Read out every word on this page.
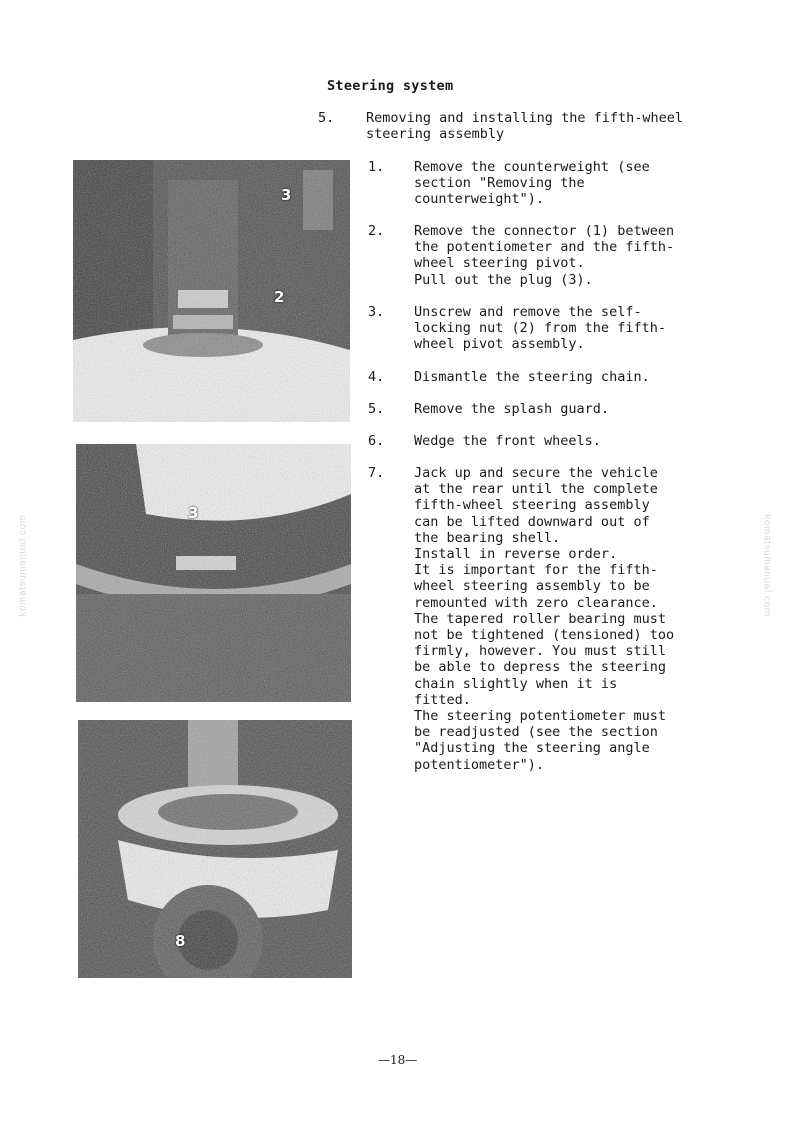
Steering system
5. Removing and installing the fifth-wheel steering assembly
1. Remove the counterweight (see
section "Removing the
counterweight").
2. Remove the connector (1) between
the potentiometer and the fifth-
wheel steering pivot.
Pull out the plug (3).
3. Unscrew and remove the self-
locking nut (2) from the fifth-
wheel pivot assembly.
4. Dismantle the steering chain.
5. Remove the splash guard.
6. Wedge the front wheels.
7. Jack up and secure the vehicle
at the rear until the complete
fifth-wheel steering assembly
can be lifted downward out of
the bearing shell.
Install in reverse order.
It is important for the fifth-
wheel steering assembly to be
remounted with zero clearance.
The tapered roller bearing must
not be tightened (tensioned) too
firmly, however. You must still
be able to depress the steering
chain slightly when it is
fitted.
The steering potentiometer must
be readjusted (see the section
"Adjusting the steering angle
potentiometer").
3
2
3
8
komatsumanual.com	komatsumanual.com
—18—
